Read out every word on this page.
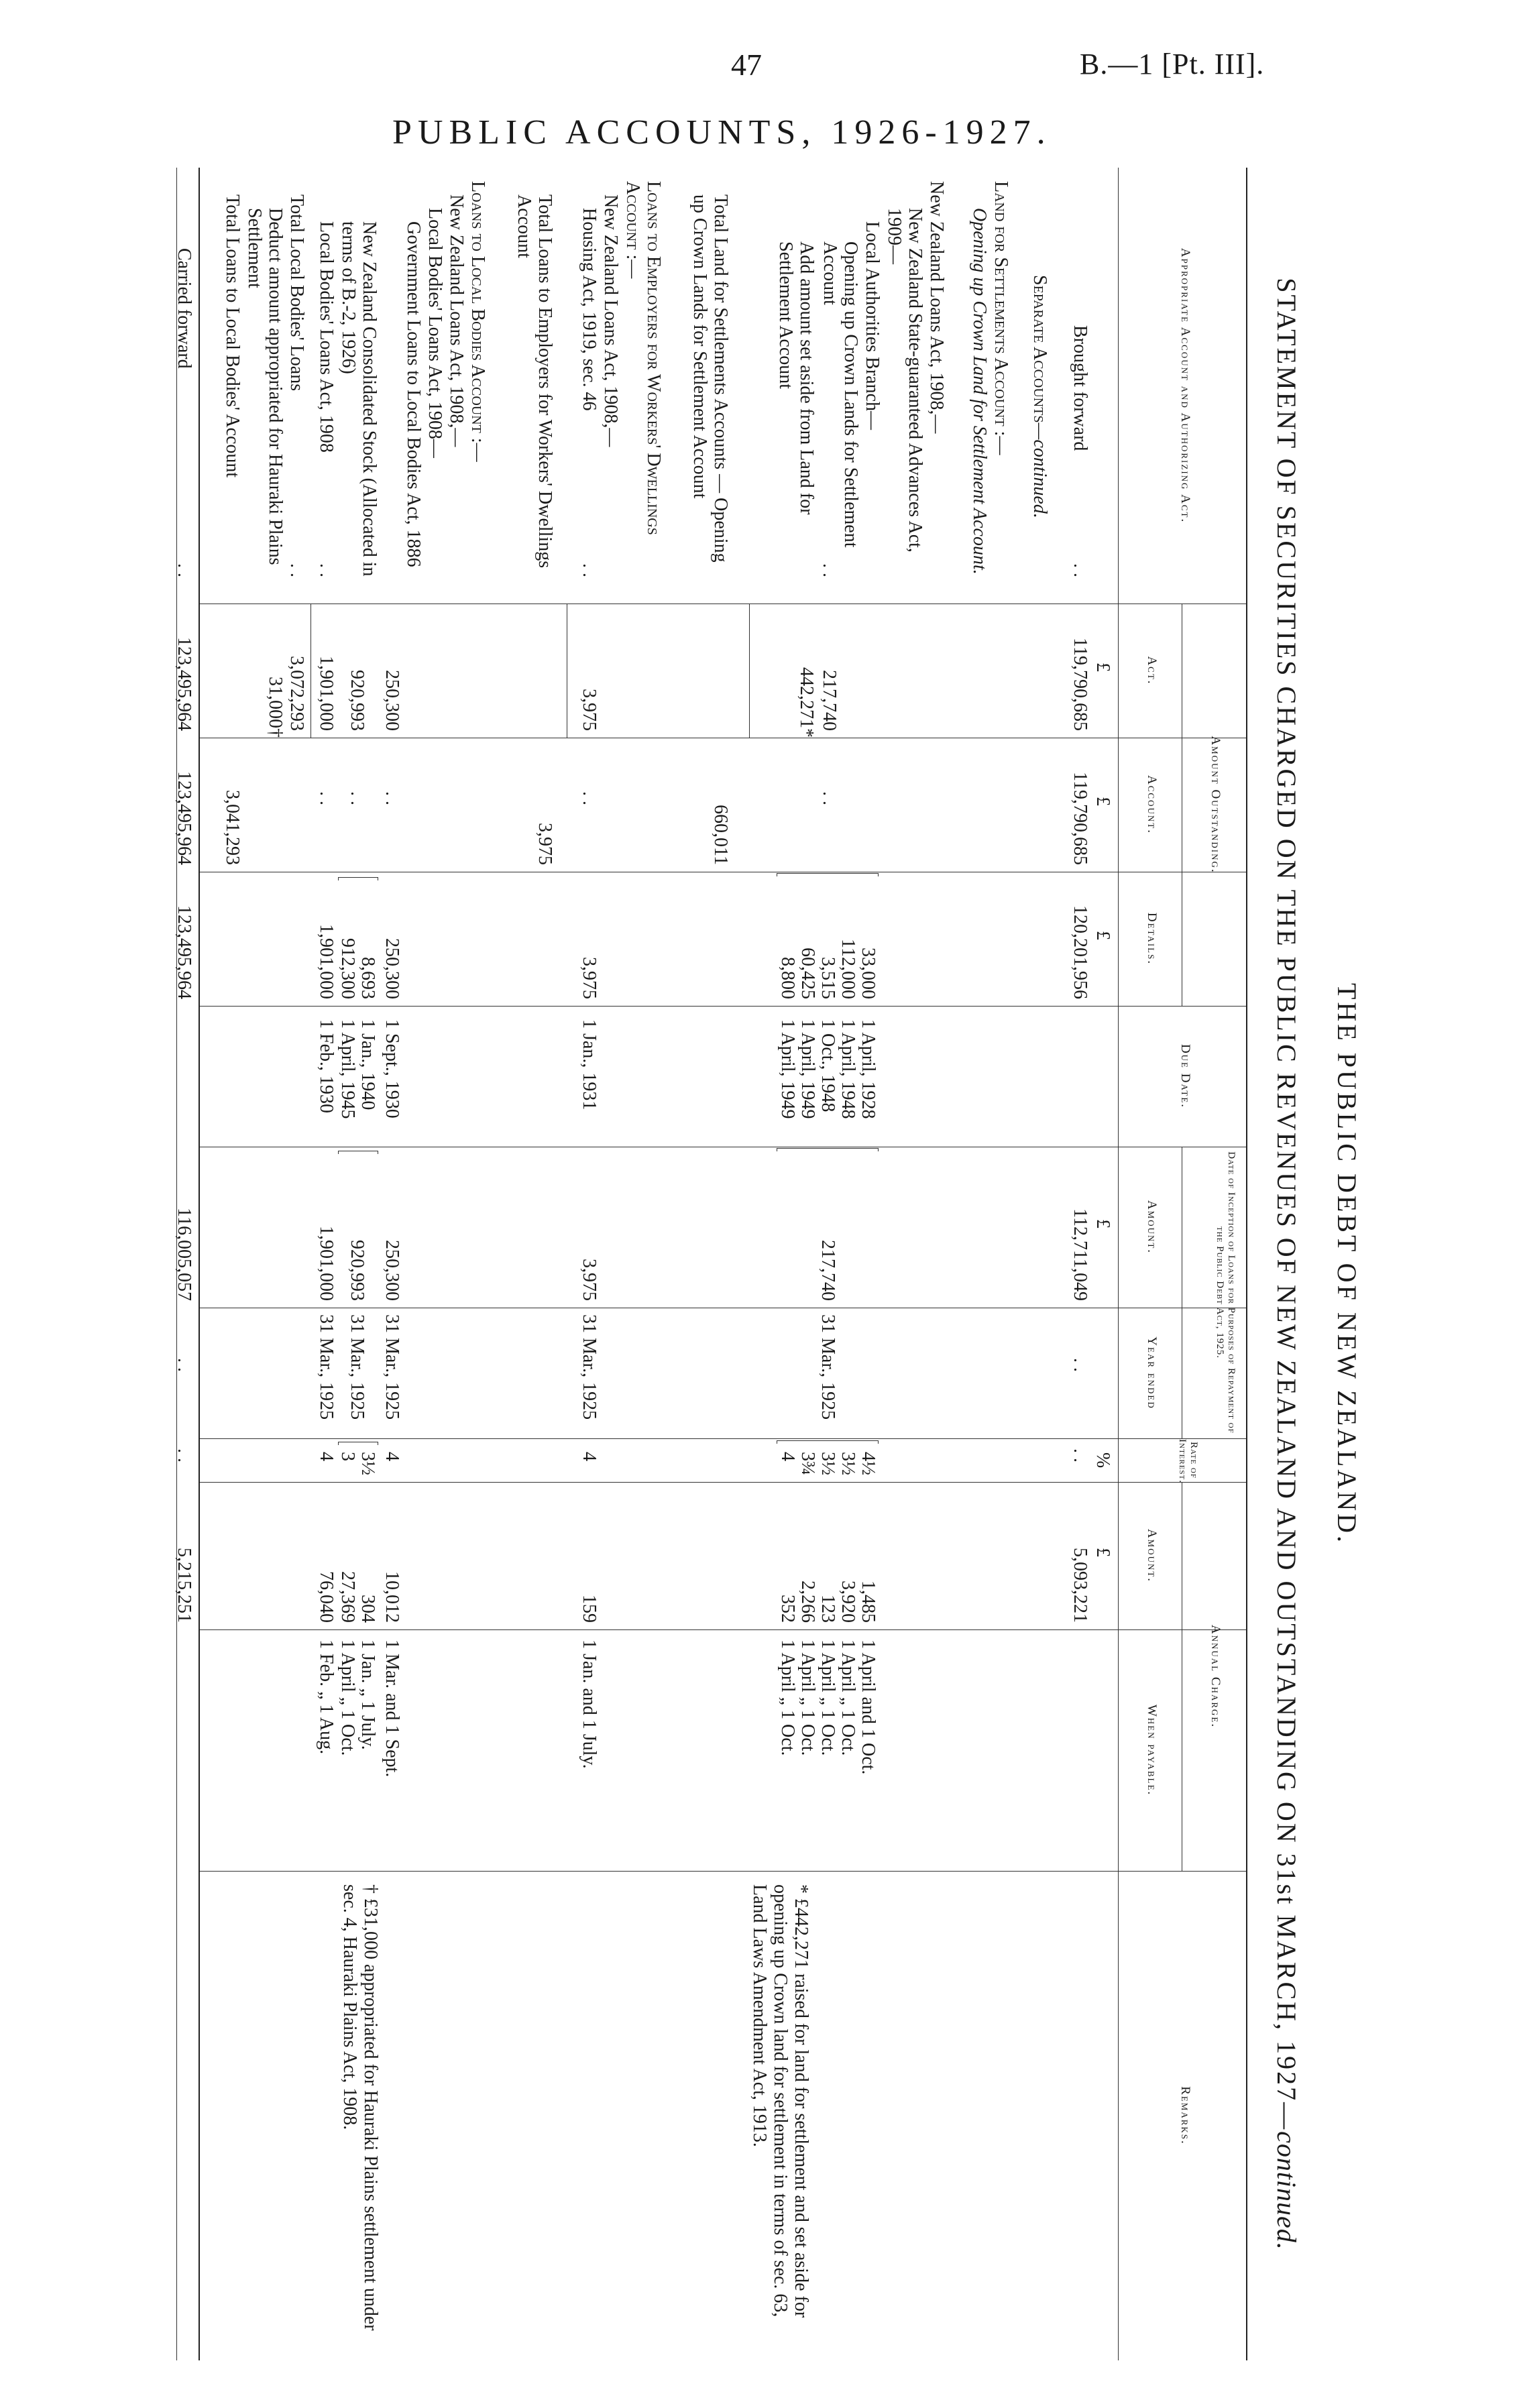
47	B.—1 [Pt. III].
PUBLIC ACCOUNTS, 1926-1927.
THE PUBLIC DEBT OF NEW ZEALAND.
STATEMENT OF SECURITIES CHARGED ON THE PUBLIC REVENUES OF NEW ZEALAND AND OUTSTANDING ON 31st MARCH, 1927—continued.
Appropriate Account and Authorizing Act.
Amount Outstanding.
Act.
Account.
Details.
Due Date.
Date of Inception of Loans for Purposes of Repayment of the Public Debt Act, 1925.
Amount.
Year ended
Rate of Interest.
Annual Charge.
Amount.
When payable.
Remarks.
£
£
£
£
%
£
Brought forward
. .
119,790,685
119,790,685
120,201,956
112,711,049
. .
. .
5,093,221
Separate Accounts—continued.
Land for Settlements Account :—
Opening up Crown Land for Settlement Account.
New Zealand Loans Act, 1908,—
New Zealand State-guaranteed Advances Act, 1909—
Local Authorities Branch—
Opening up Crown Lands for Settlement Account
. .
Add amount set aside from Land for Settlement Account
217,740
442,271*
. .
33,000
112,000
3,515
60,425
8,800
1 April, 1928
1 April, 1948
1 Oct., 1948
1 April, 1949
1 April, 1949
217,740
31 Mar., 1925
4½
3½
3½
3¾
4
1,485
3,920
123
2,266
352
1 April and 1 Oct.
1 April „ 1 Oct.
1 April „ 1 Oct.
1 April „ 1 Oct.
1 April „ 1 Oct.
* £442,271 raised for land for settlement and set aside for opening up Crown land for settlement in terms of sec. 63, Land Laws Amendment Act, 1913.
Total Land for Settlements Accounts — Opening up Crown Lands for Settlement Account
660,011
Loans to Employers for Workers' Dwellings Account :—
New Zealand Loans Act, 1908,—
Housing Act, 1919, sec. 46
. .
3,975
. .
3,975
1 Jan., 1931
3,975
31 Mar., 1925
4
159
1 Jan. and 1 July.
Total Loans to Employers for Workers' Dwellings Account
3,975
Loans to Local Bodies Account :—
New Zealand Loans Act, 1908,—
Local Bodies' Loans Act, 1908—
Government Loans to Local Bodies Act, 1886
New Zealand Consolidated Stock (Allocated in terms of B.-2, 1926)
Local Bodies' Loans Act, 1908
. .
250,300
920,993
1,901,000
. .
. .
. .
250,300
8,693
912,300
1,901,000
1 Sept., 1930
1 Jan., 1940
1 April, 1945
1 Feb., 1930
250,300
920,993
1,901,000
31 Mar., 1925
31 Mar., 1925
31 Mar., 1925
4
3½
3
4
10,012
304
27,369
76,040
1 Mar. and 1 Sept.
1 Jan. „ 1 July.
1 April „ 1 Oct.
1 Feb. „ 1 Aug.
† £31,000 appropriated for Hauraki Plains settlement under sec. 4, Hauraki Plains Act, 1908.
Total Local Bodies' Loans
. .
3,072,293
Deduct amount appropriated for Hauraki Plains Settlement
31,000†
Total Loans to Local Bodies' Account
3,041,293
Carried forward
. .
123,495,964
123,495,964
123,495,964
116,005,057
. .
. .
5,215,251
